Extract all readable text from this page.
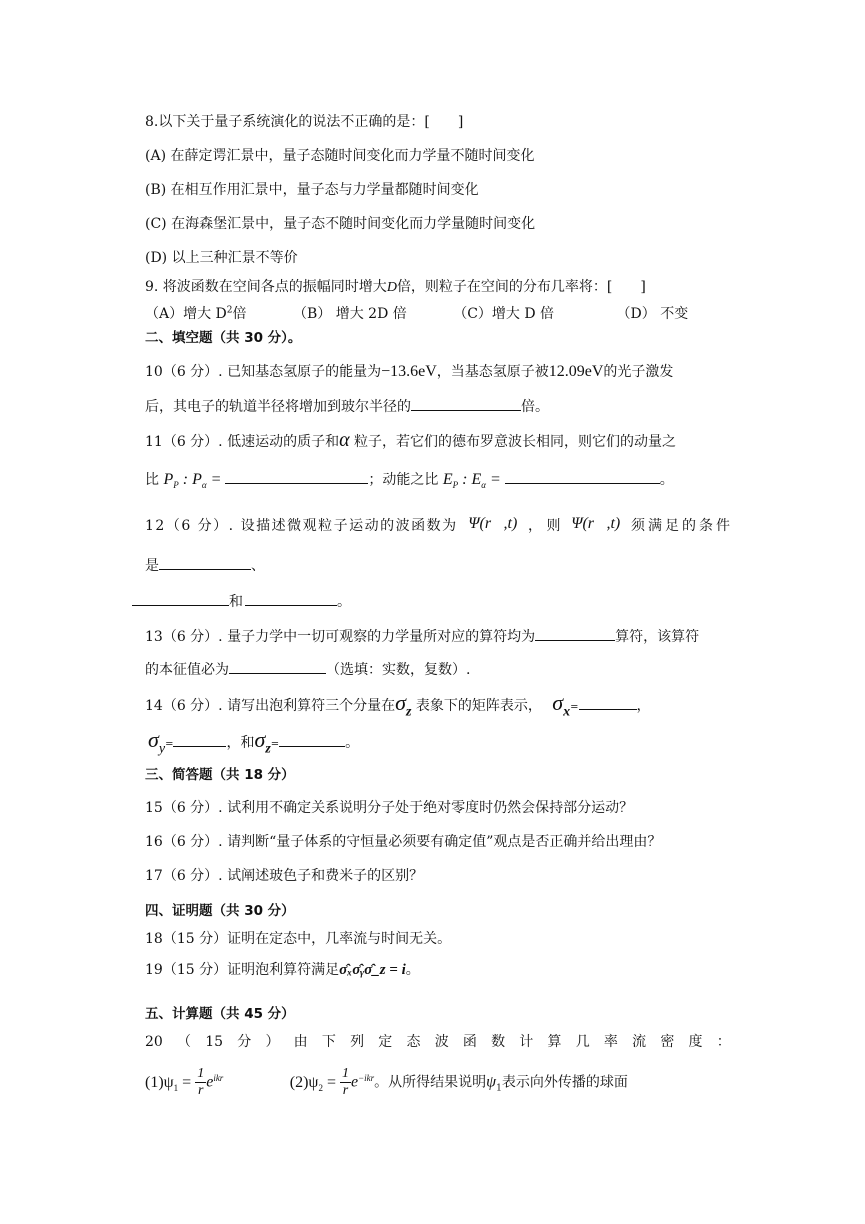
8.以下关于量子系统演化的说法不正确的是：[　　]
(A) 在薛定谔汇景中，量子态随时间变化而力学量不随时间变化
(B) 在相互作用汇景中，量子态与力学量都随时间变化
(C) 在海森堡汇景中，量子态不随时间变化而力学量随时间变化
(D) 以上三种汇景不等价
9. 将波函数在空间各点的振幅同时增大D倍，则粒子在空间的分布几率将：[　　]
（A）增大 $D^2$倍	（B） 增大 2D 倍	（C）增大 D 倍	（D） 不变
二、填空题（共 30 分）。
10（6 分）. 已知基态氢原子的能量为−13.6eV，当基态氢原子被12.09eV的光子激发
后，其电子的轨道半径将增加到玻尔半径的	倍。
11（6 分）. 低速运动的质子和α 粒子，若它们的德布罗意波长相同，则它们的动量之
比 $P_P$ : $P_\alpha$ =	；动能之比 $E_P$ : $E_\alpha$ =	。
12（6 分）. 设描述微观粒子运动的波函数为 Ψ(r⃗,t) ， 则 Ψ(r⃗,t) 须满足的条件
是	、
和	。
13（6 分）. 量子力学中一切可观察的力学量所对应的算符均为	算符，该算符
的本征值必为	（选填：实数，复数）.
14（6 分）. 请写出泡利算符三个分量在$\sigma_z$ 表象下的矩阵表示， $\sigma_x=$	，
$\sigma_y=$	，和$\sigma_z=$	。
三、简答题（共 18 分）
15（6 分）. 试利用不确定关系说明分子处于绝对零度时仍然会保持部分运动？
16（6 分）. 请判断“量子体系的守恒量必须要有确定值”观点是否正确并给出理由？
17（6 分）. 试阐述玻色子和费米子的区别？
四、证明题（共 30 分）
18（15 分）证明在定态中，几率流与时间无关。
19（15 分）证明泡利算符满足σ̂ₓσ̂ᵧσ̂_z = i。
五、计算题（共 45 分）
20 （ 15 分 ） 由 下 列 定 态 波 函 数 计 算 几 率 流 密 度 ：
$(1)\psi_1 = \frac{1}{r} e^{ikr}$	$(2)\psi_2 = \frac{1}{r} e^{-ikr}$。从所得结果说明$\psi_1$表示向外传播的球面
